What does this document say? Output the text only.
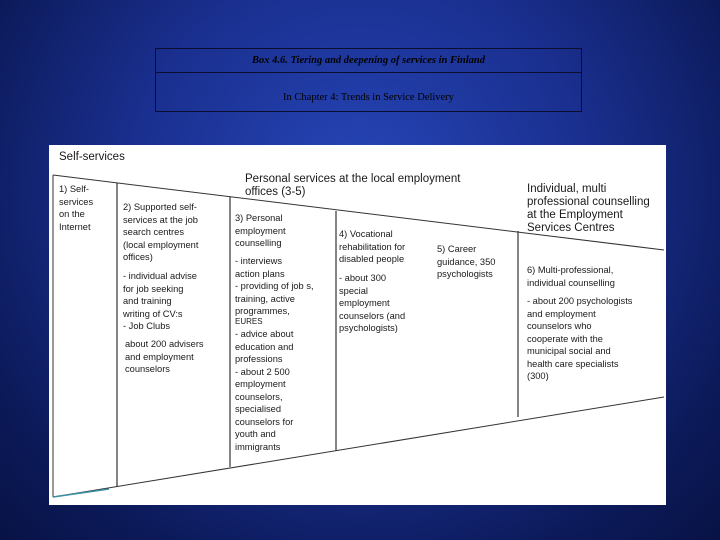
Box 4.6. Tiering and deepening of services in Finland
In Chapter 4: Trends in Service Delivery
Self-services
Personal services at the local employment
offices (3-5)	Individual, multi
professional counselling
at the Employment
Services Centres
1) Self-
services
on the
Internet
2) Supported self-
services at the job
search centres
(local employment
offices)
- individual advise
for job seeking
and training
writing of CV:s
- Job Clubs
about 200 advisers
and employment
counselors
3) Personal
employment
counselling
- interviews
action plans
- providing of job s,
training, active
programmes,
EURES
- advice about
education and
professions
- about 2 500
employment
counselors,
specialised
counselors for
youth and
immigrants
4) Vocational
rehabilitation for
disabled people
- about 300
special
employment
counselors (and
psychologists)
5) Career
guidance, 350
psychologists	6) Multi-professional,
individual counselling
- about 200 psychologists
and employment
counselors who
cooperate with the
municipal social and
health care specialists
(300)
